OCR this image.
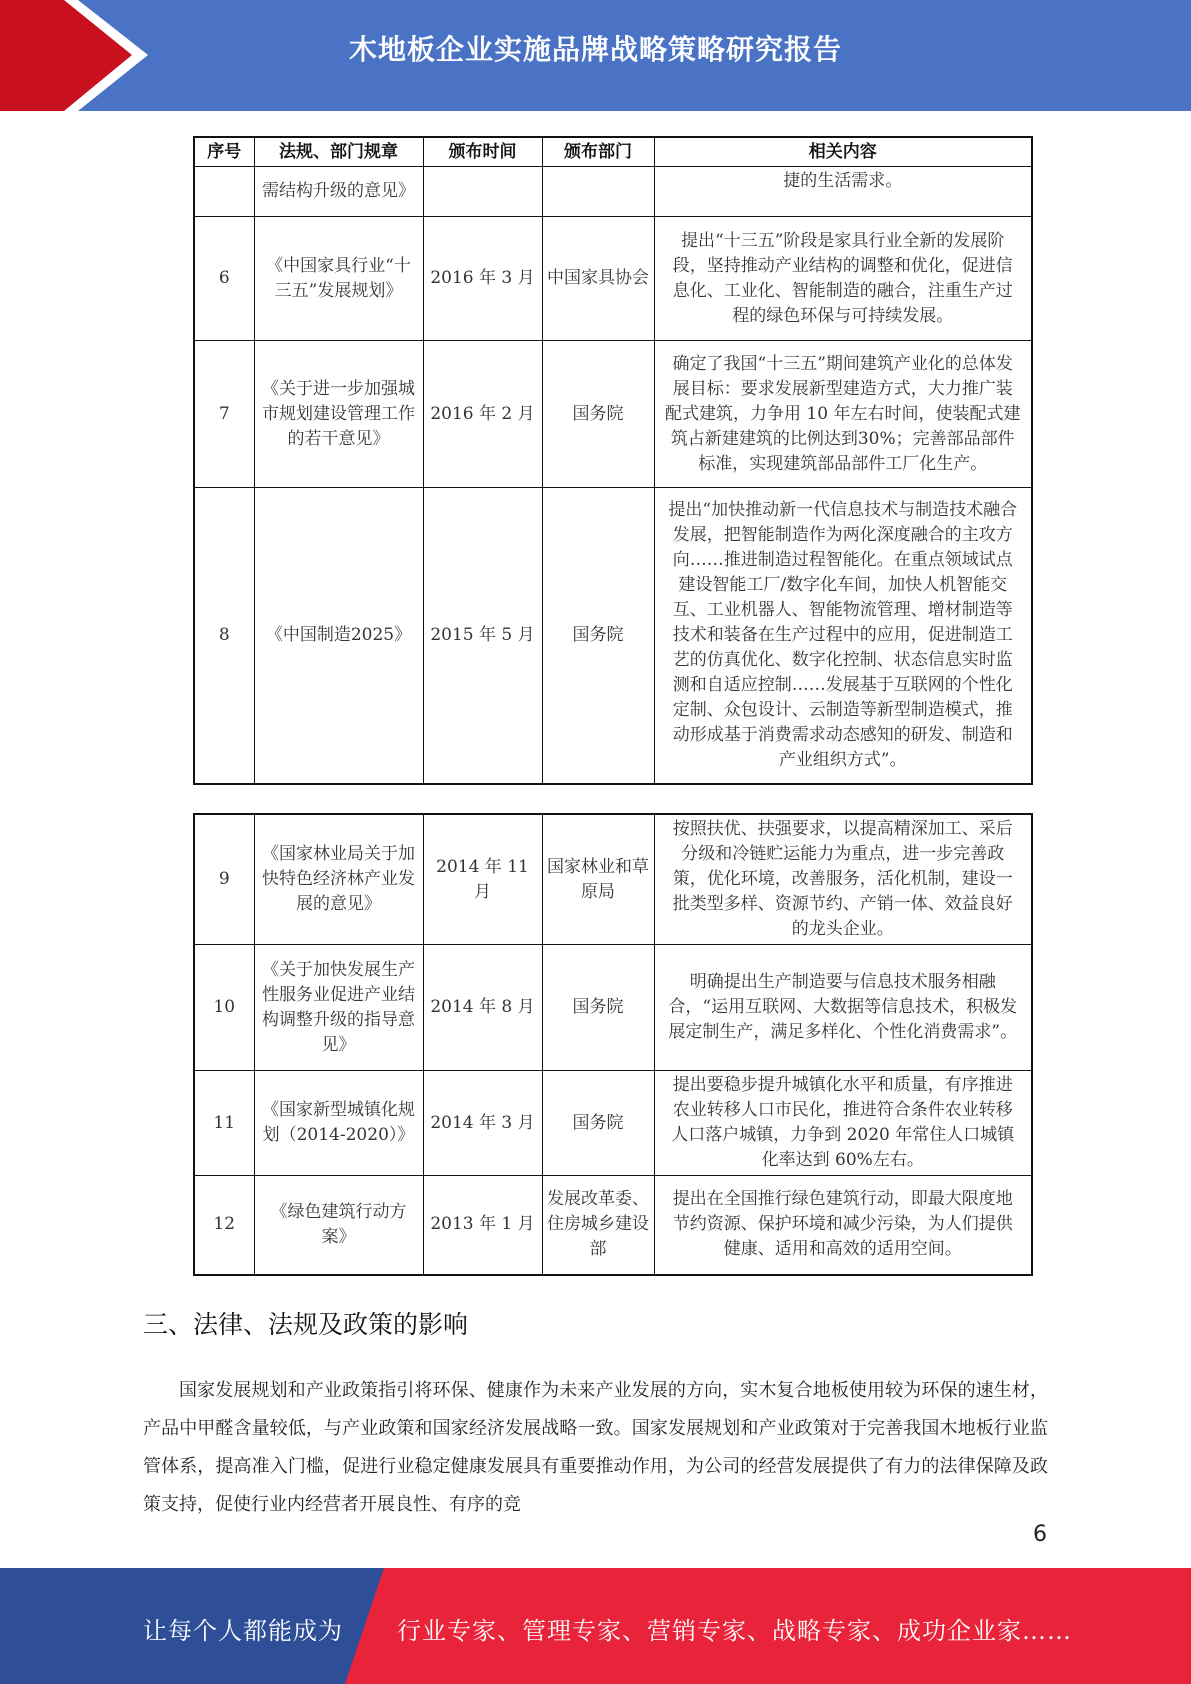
木地板企业实施品牌战略策略研究报告
序号	法规、部门规章	颁布时间	颁布部门	相关内容
	需结构升级的意见》			捷的生活需求。
6	《中国家具行业“十三五”发展规划》	2016 年 3 月	中国家具协会	提出“十三五”阶段是家具行业全新的发展阶段，坚持推动产业结构的调整和优化，促进信息化、工业化、智能制造的融合，注重生产过程的绿色环保与可持续发展。
7	《关于进一步加强城市规划建设管理工作的若干意见》	2016 年 2 月	国务院	确定了我国“十三五”期间建筑产业化的总体发展目标：要求发展新型建造方式，大力推广装配式建筑，力争用 10 年左右时间，使装配式建筑占新建建筑的比例达到30%；完善部品部件标准，实现建筑部品部件工厂化生产。
8	《中国制造2025》	2015 年 5 月	国务院	提出“加快推动新一代信息技术与制造技术融合发展，把智能制造作为两化深度融合的主攻方向……推进制造过程智能化。在重点领域试点建设智能工厂/数字化车间，加快人机智能交互、工业机器人、智能物流管理、增材制造等技术和装备在生产过程中的应用，促进制造工艺的仿真优化、数字化控制、状态信息实时监测和自适应控制……发展基于互联网的个性化定制、众包设计、云制造等新型制造模式，推动形成基于消费需求动态感知的研发、制造和产业组织方式”。
9	《国家林业局关于加快特色经济林产业发展的意见》	2014 年 11 月	国家林业和草原局	按照扶优、扶强要求，以提高精深加工、采后分级和冷链贮运能力为重点，进一步完善政策，优化环境，改善服务，活化机制，建设一批类型多样、资源节约、产销一体、效益良好的龙头企业。
10	《关于加快发展生产性服务业促进产业结构调整升级的指导意见》	2014 年 8 月	国务院	明确提出生产制造要与信息技术服务相融合，“运用互联网、大数据等信息技术，积极发展定制生产，满足多样化、个性化消费需求”。
11	《国家新型城镇化规划（2014-2020）》	2014 年 3 月	国务院	提出要稳步提升城镇化水平和质量，有序推进农业转移人口市民化，推进符合条件农业转移人口落户城镇，力争到 2020 年常住人口城镇化率达到 60%左右。
12	《绿色建筑行动方案》	2013 年 1 月	发展改革委、住房城乡建设部	提出在全国推行绿色建筑行动，即最大限度地节约资源、保护环境和减少污染，为人们提供健康、适用和高效的适用空间。
三、法律、法规及政策的影响
国家发展规划和产业政策指引将环保、健康作为未来产业发展的方向，实木复合地板使用较为环保的速生材，产品中甲醛含量较低，与产业政策和国家经济发展战略一致。国家发展规划和产业政策对于完善我国木地板行业监管体系，提高准入门槛，促进行业稳定健康发展具有重要推动作用，为公司的经营发展提供了有力的法律保障及政策支持，促使行业内经营者开展良性、有序的竞
6
让每个人都能成为 行业专家、管理专家、营销专家、战略专家、成功企业家……
